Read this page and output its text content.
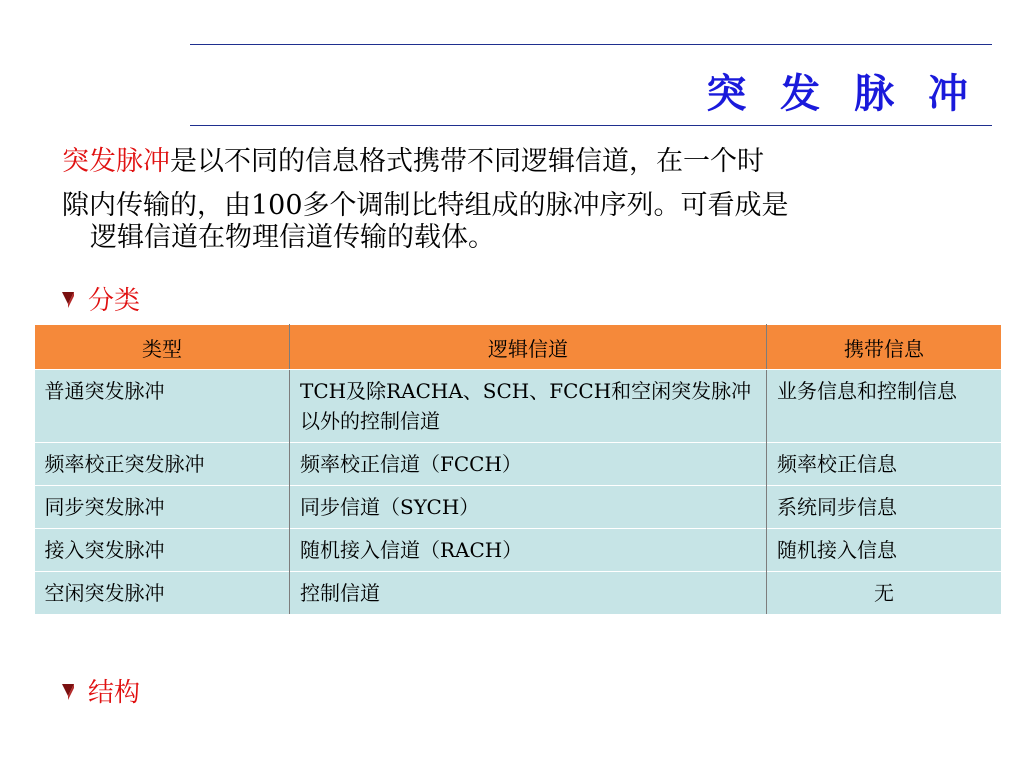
突 发 脉 冲
突发脉冲是以不同的信息格式携带不同逻辑信道，在一个时
隙内传输的，由100多个调制比特组成的脉冲序列。可看成是
逻辑信道在物理信道传输的载体。
分类
类型	逻辑信道	携带信息
普通突发脉冲	TCH及除RACHA、SCH、FCCH和空闲突发脉冲以外的控制信道	业务信息和控制信息
频率校正突发脉冲	频率校正信道（FCCH）	频率校正信息
同步突发脉冲	同步信道（SYCH）	系统同步信息
接入突发脉冲	随机接入信道（RACH）	随机接入信息
空闲突发脉冲	控制信道	无
结构
